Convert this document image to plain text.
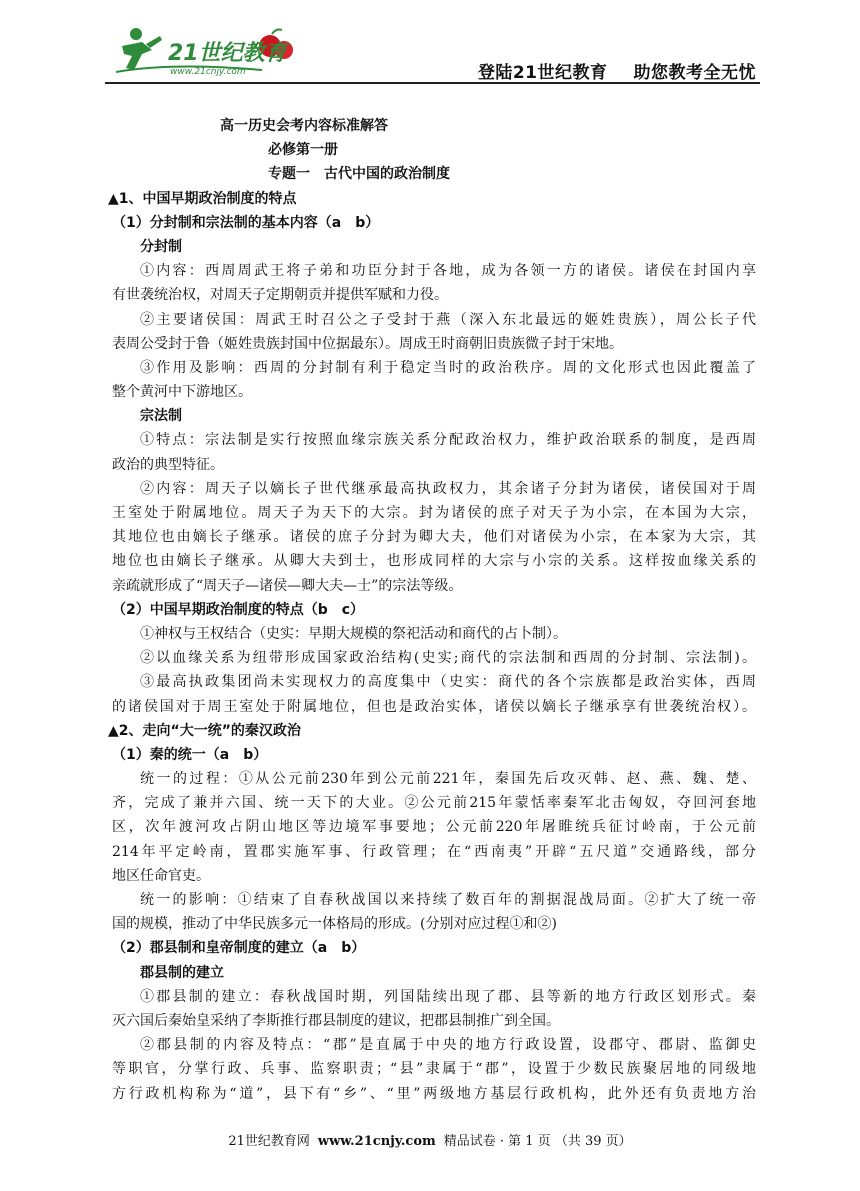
21世纪教育
www.21cnjy.com	登陆21世纪教育 助您教考全无忧
高一历史会考内容标准解答
必修第一册
专题一　古代中国的政治制度
▲1、中国早期政治制度的特点
（1）分封制和宗法制的基本内容（a　b）
分封制
①内容：西周周武王将子弟和功臣分封于各地，成为各领一方的诸侯。诸侯在封国内享
有世袭统治权，对周天子定期朝贡并提供军赋和力役。
②主要诸侯国：周武王时召公之子受封于燕（深入东北最远的姬姓贵族），周公长子代
表周公受封于鲁（姬姓贵族封国中位据最东）。周成王时商朝旧贵族微子封于宋地。
③作用及影响：西周的分封制有利于稳定当时的政治秩序。周的文化形式也因此覆盖了
整个黄河中下游地区。
宗法制
①特点：宗法制是实行按照血缘宗族关系分配政治权力，维护政治联系的制度，是西周
政治的典型特征。
②内容：周天子以嫡长子世代继承最高执政权力，其余诸子分封为诸侯，诸侯国对于周
王室处于附属地位。周天子为天下的大宗。封为诸侯的庶子对天子为小宗，在本国为大宗，
其地位也由嫡长子继承。诸侯的庶子分封为卿大夫，他们对诸侯为小宗，在本家为大宗，其
地位也由嫡长子继承。从卿大夫到士，也形成同样的大宗与小宗的关系。这样按血缘关系的
亲疏就形成了“周天子—诸侯—卿大夫—士”的宗法等级。
（2）中国早期政治制度的特点（b　c）
①神权与王权结合（史实：早期大规模的祭祀活动和商代的占卜制）。
②以血缘关系为纽带形成国家政治结构(史实;商代的宗法制和西周的分封制、宗法制)。
③最高执政集团尚未实现权力的高度集中（史实：商代的各个宗族都是政治实体，西周
的诸侯国对于周王室处于附属地位，但也是政治实体，诸侯以嫡长子继承享有世袭统治权）。
▲2、走向“大一统”的秦汉政治
（1）秦的统一（a　b）
统一的过程：①从公元前230年到公元前221年，秦国先后攻灭韩、赵、燕、魏、楚、
齐，完成了兼并六国、统一天下的大业。②公元前215年蒙恬率秦军北击匈奴，夺回河套地
区，次年渡河攻占阴山地区等边境军事要地；公元前220年屠睢统兵征讨岭南，于公元前
214年平定岭南，置郡实施军事、行政管理；在“西南夷”开辟“五尺道”交通路线，部分
地区任命官吏。
统一的影响：①结束了自春秋战国以来持续了数百年的割据混战局面。②扩大了统一帝
国的规模，推动了中华民族多元一体格局的形成。(分别对应过程①和②)
（2）郡县制和皇帝制度的建立（a　b）
郡县制的建立
①郡县制的建立：春秋战国时期，列国陆续出现了郡、县等新的地方行政区划形式。秦
灭六国后秦始皇采纳了李斯推行郡县制度的建议，把郡县制推广到全国。
②郡县制的内容及特点：“郡”是直属于中央的地方行政设置，设郡守、郡尉、监御史
等职官，分掌行政、兵事、监察职责；“县”隶属于“郡”，设置于少数民族聚居地的同级地
方行政机构称为“道”，县下有“乡”、“里”两级地方基层行政机构，此外还有负责地方治
21世纪教育网 www.21cnjy.com 精品试卷 · 第 1 页 （共 39 页）
